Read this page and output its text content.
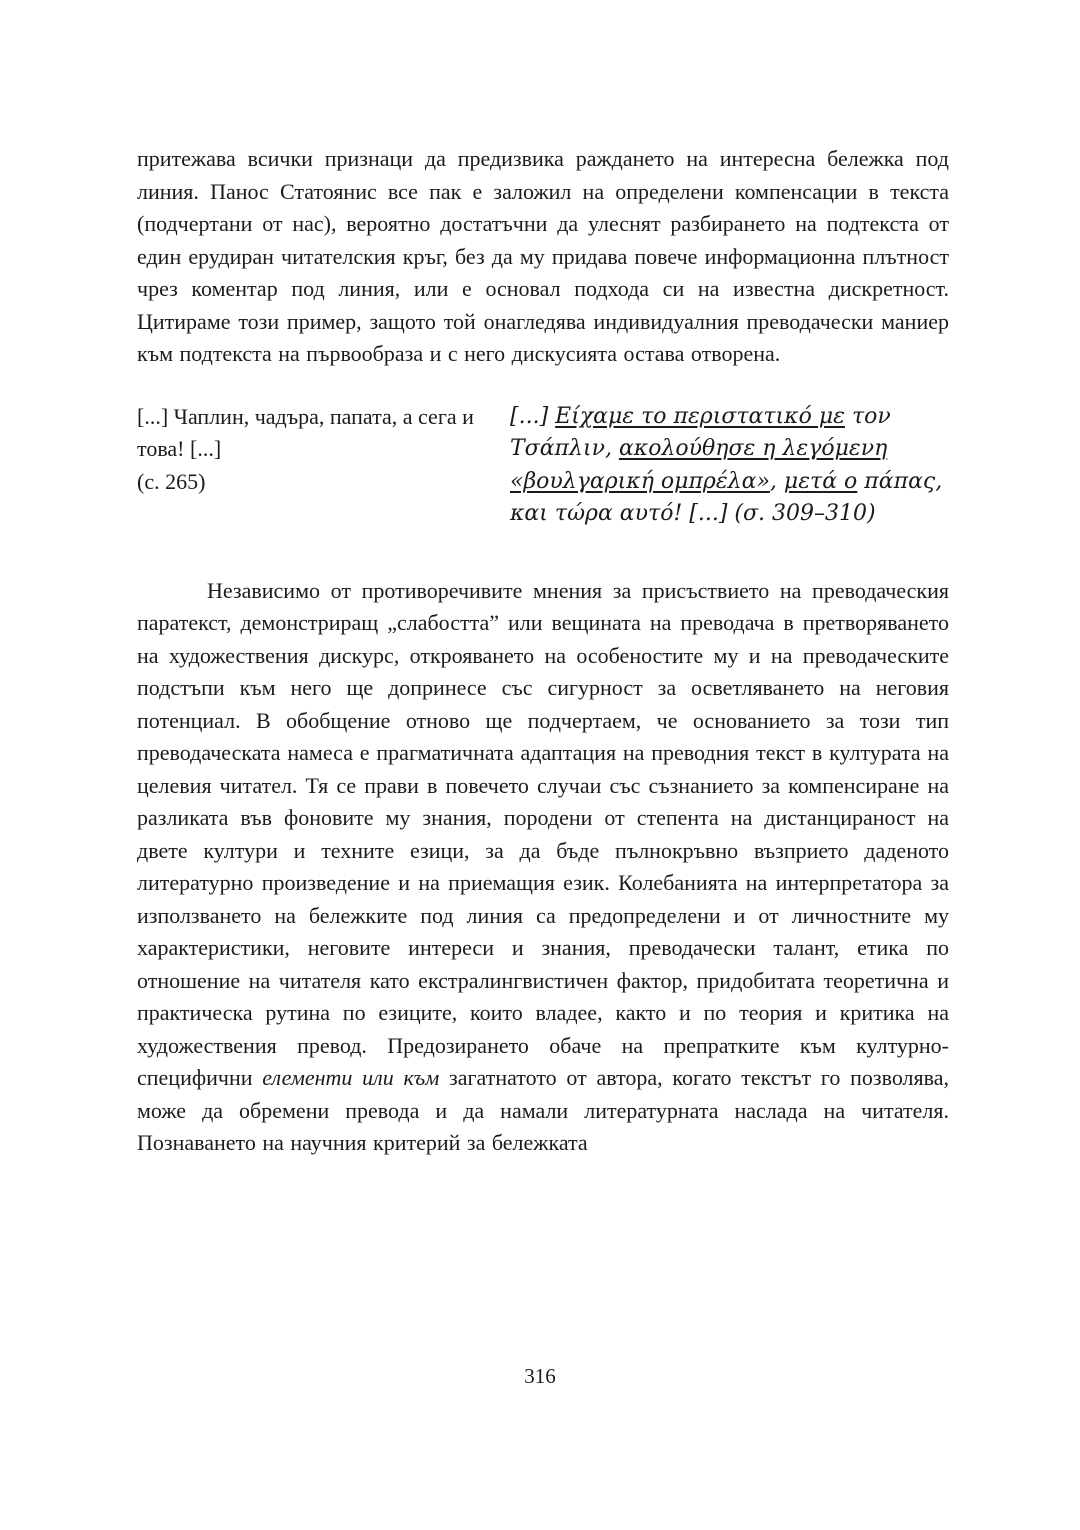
притежава всички признаци да предизвика раждането на интересна бележка под линия. Панос Статоянис все пак е заложил на определени компенсации в текста (подчертани от нас), вероятно достатъчни да улеснят разбирането на подтекста от един ерудиран читателския кръг, без да му придава повече информационна плътност чрез коментар под линия, или е основал подхода си на известна дискретност. Цитираме този пример, защото той онагледява индивидуалния преводачески маниер към подтекста на първообраза и с него дискусията остава отворена.

[...] Чаплин, чадъра, папата, а сега и това! [...]
(с. 265)
[...] Είχαμε το περιστατικό με τον Τσάπλιν, ακολούθησε η λεγόμενη «βουλγαρική ομπρέλα», μετά ο πάπας, και τώρα αυτό! [...] (σ. 309–310)

Независимо от противоречивите мнения за присъствието на преводаческия паратекст, демонстриращ „слабостта” или вещината на преводача в претворяването на художествения дискурс, открояването на особеностите му и на преводаческите подстъпи към него ще допринесе със сигурност за осветляването на неговия потенциал. В обобщение отново ще подчертаем, че основанието за този тип преводаческата намеса е прагматичната адаптация на преводния текст в културата на целевия читател. Тя се прави в повечето случаи със съзнанието за компенсиране на разликата във фоновите му знания, породени от степента на дистанцираност на двете култури и техните езици, за да бъде пълнокръвно възприето даденото литературно произведение и на приемащия език. Колебанията на интерпретатора за използването на бележките под линия са предопределени и от личностните му характеристики, неговите интереси и знания, преводачески талант, етика по отношение на читателя като екстралингвистичен фактор, придобитата теоретична и практическа рутина по езиците, които владее, както и по теория и критика на художествения превод. Предозирането обаче на препратките към културно-специфични елементи или към загатнатото от автора, когато текстът го позволява, може да обремени превода и да намали литературната наслада на читателя. Познаването на научния критерий за бележката

316
